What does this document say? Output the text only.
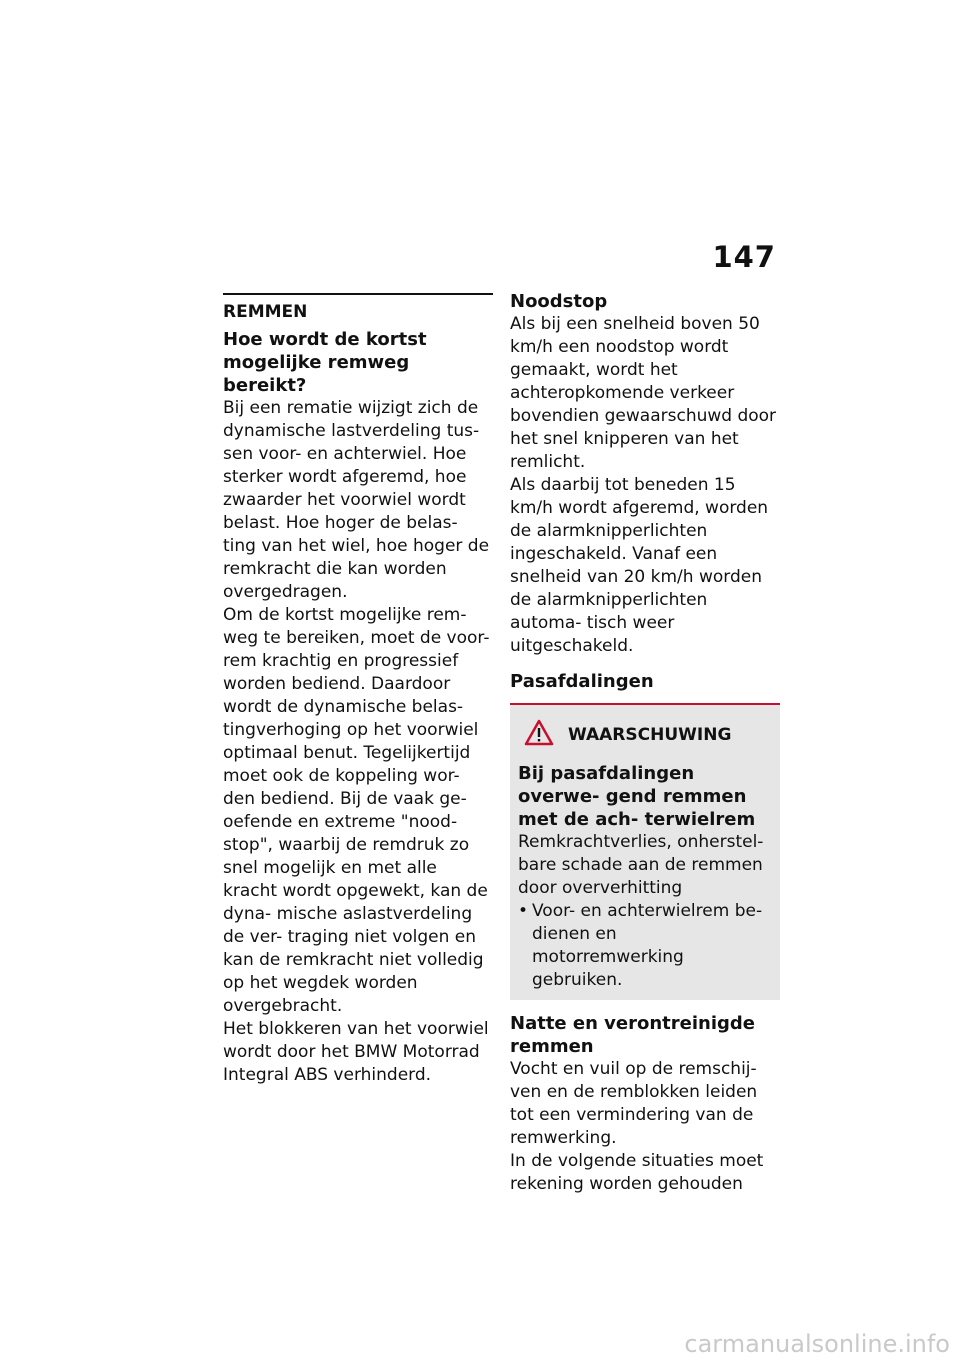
147
REMMEN

Hoe wordt de kortst mogelijke remweg bereikt?

Bij een rematie wijzigt zich de dynamische lastverdeling tus- sen voor- en achterwiel. Hoe sterker wordt afgeremd, hoe zwaarder het voorwiel wordt belast. Hoe hoger de belas- ting van het wiel, hoe hoger de remkracht die kan worden overgedragen.

Om de kortst mogelijke rem- weg te bereiken, moet de voor- rem krachtig en progressief worden bediend. Daardoor wordt de dynamische belas- tingverhoging op het voorwiel optimaal benut. Tegelijkertijd moet ook de koppeling wor- den bediend. Bij de vaak ge- oefende en extreme "nood- stop", waarbij de remdruk zo snel mogelijk en met alle kracht wordt opgewekt, kan de dyna- mische aslastverdeling de ver- traging niet volgen en kan de remkracht niet volledig op het wegdek worden overgebracht.

Het blokkeren van het voorwiel wordt door het BMW Motorrad Integral ABS verhinderd.

Noodstop

Als bij een snelheid boven 50 km/h een noodstop wordt gemaakt, wordt het achteropkomende verkeer bovendien gewaarschuwd door het snel knipperen van het remlicht.

Als daarbij tot beneden 15 km/h wordt afgeremd, worden de alarmknipperlichten ingeschakeld. Vanaf een snelheid van 20 km/h worden de alarmknipperlichten automa- tisch weer uitgeschakeld.

Pasafdalingen

WAARSCHUWING

Bij pasafdalingen overwe- gend remmen met de ach- terwielrem

Remkrachtverlies, onherstel- bare schade aan de remmen door oververhitting

• Voor- en achterwielrem be- dienen en motorremwerking gebruiken.

Natte en verontreinigde remmen

Vocht en vuil op de remschij- ven en de remblokken leiden tot een vermindering van de remwerking.

In de volgende situaties moet rekening worden gehouden

carmanualsonline.info
